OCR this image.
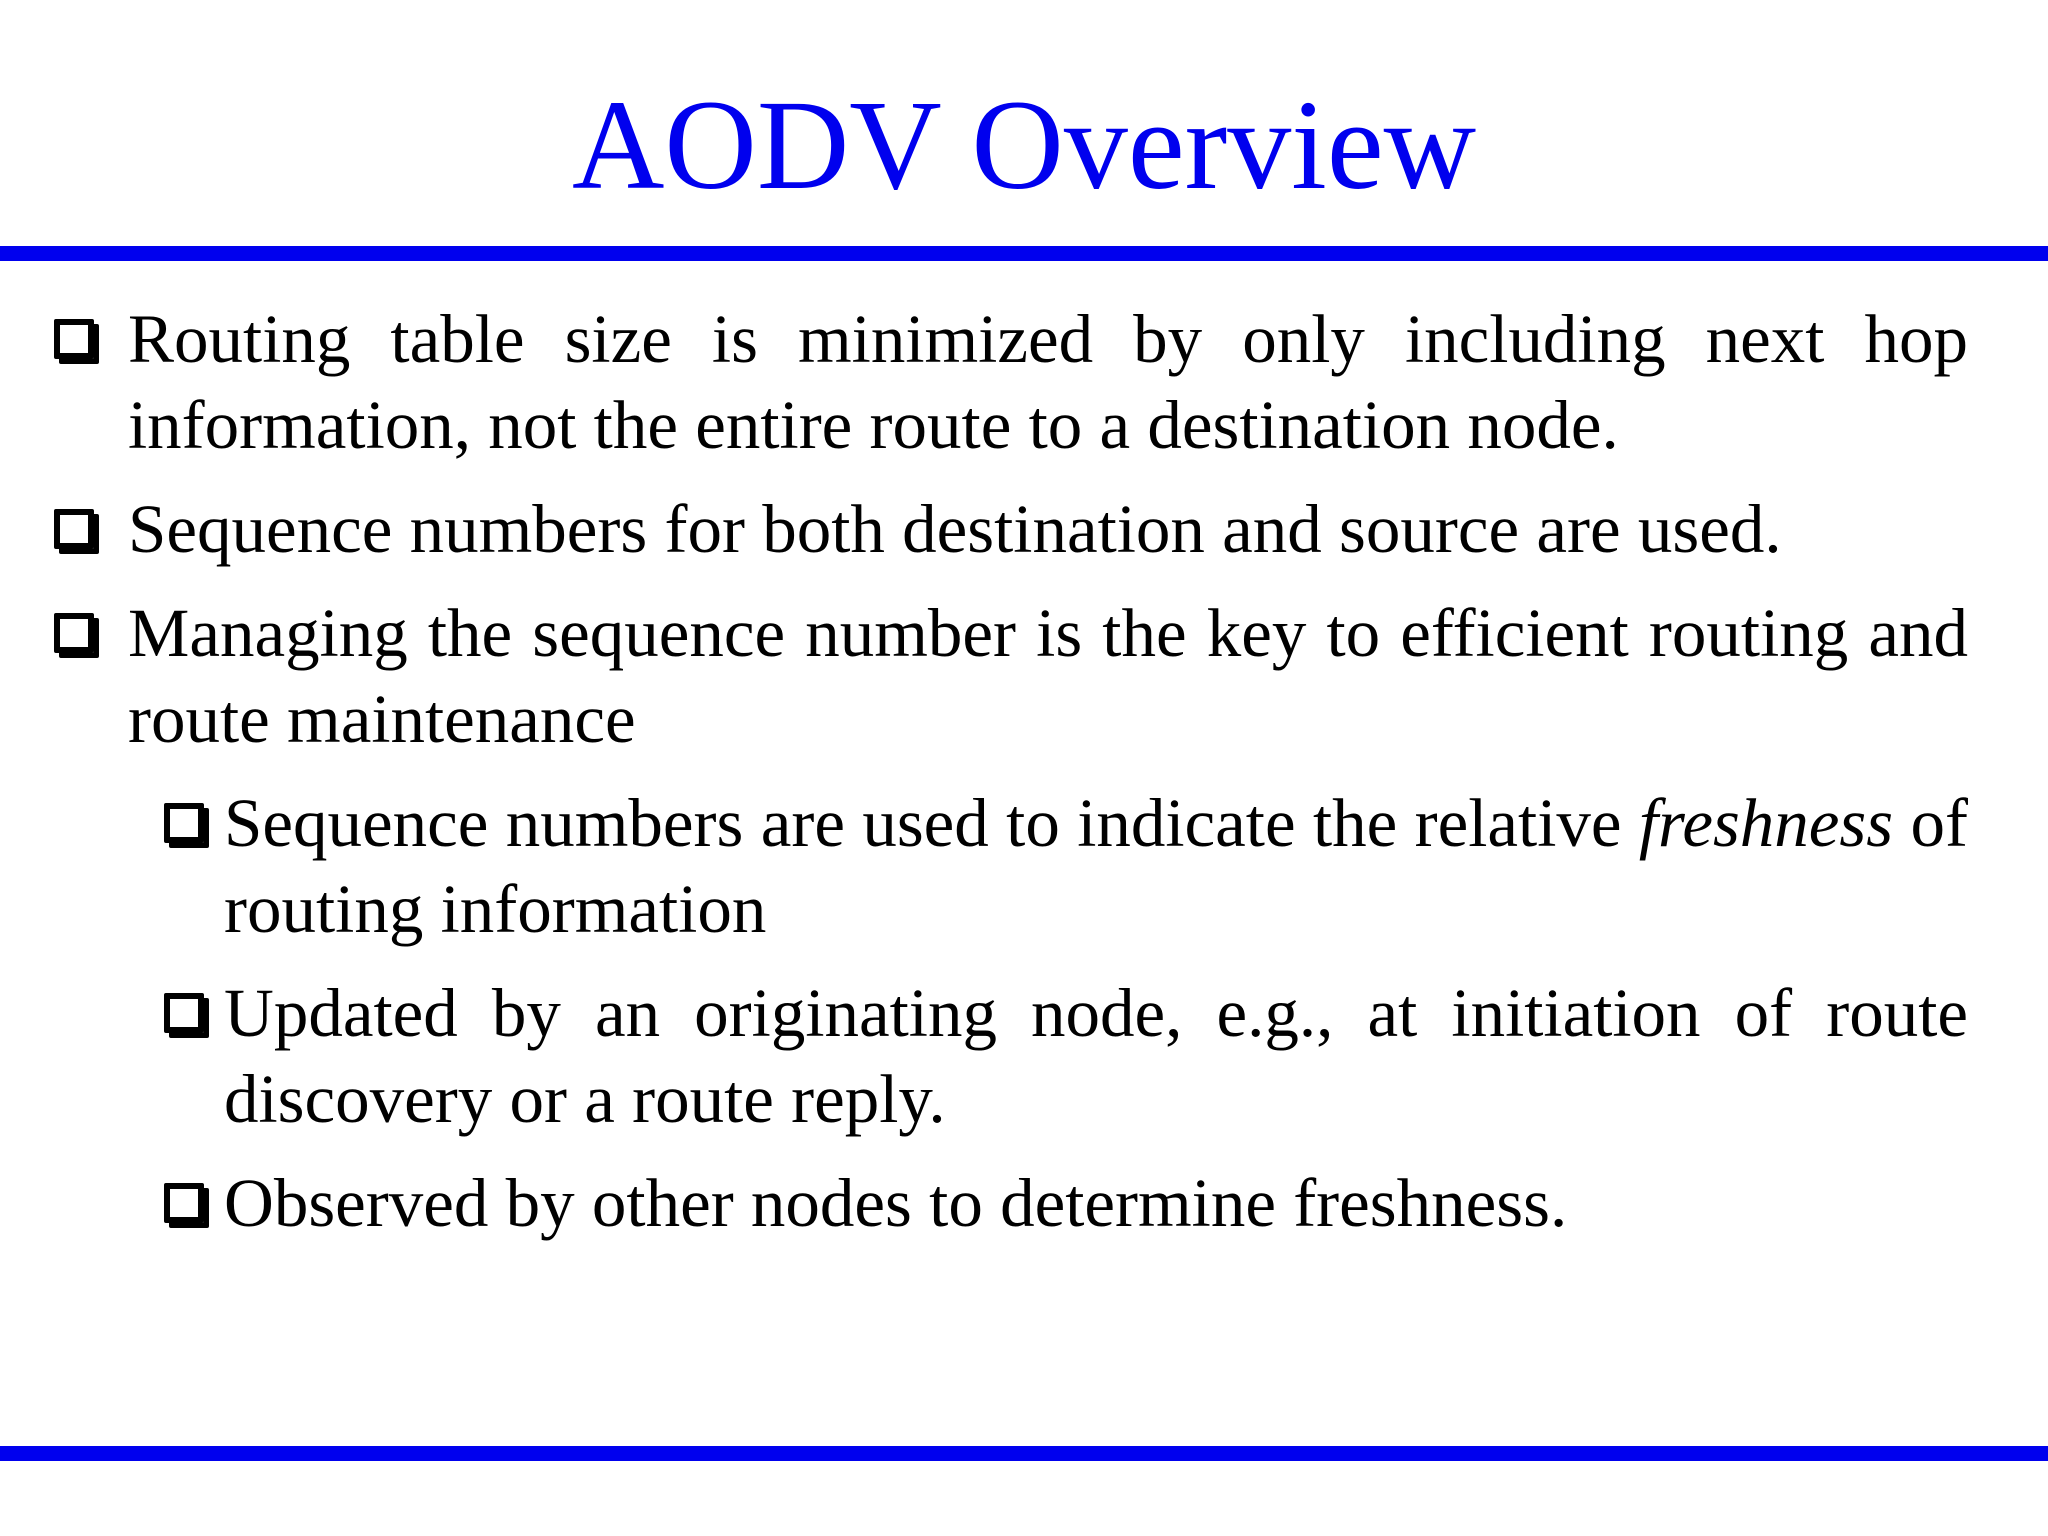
AODV Overview
Routing table size is minimized by only including next hop information, not the entire route to a destination node.
Sequence numbers for both destination and source are used.
Managing the sequence number is the key to efficient routing and route maintenance
Sequence numbers are used to indicate the relative freshness of routing information
Updated by an originating node, e.g., at initiation of route discovery or a route reply.
Observed by other nodes to determine freshness.
